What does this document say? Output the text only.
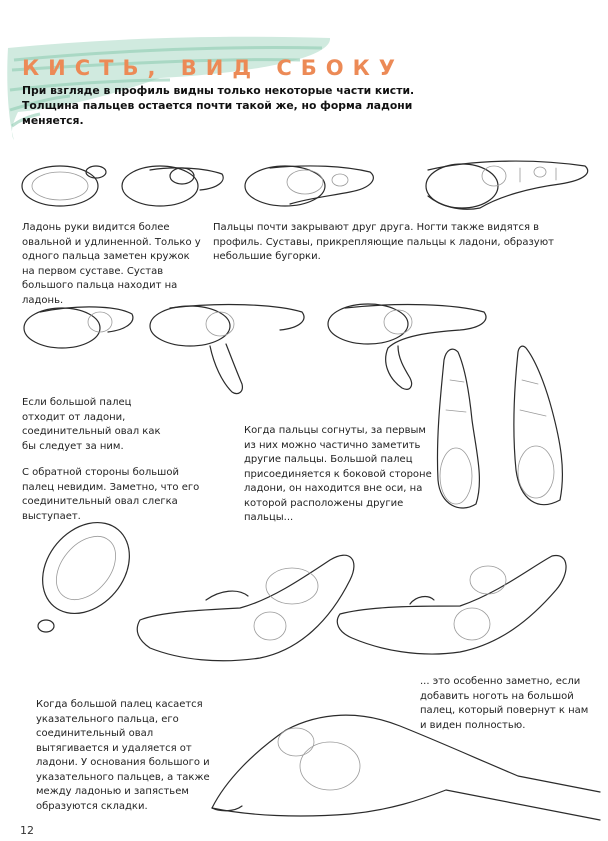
КИСТЬ, ВИД СБОКУ

При взгляде в профиль видны только некоторые части кисти. Толщина пальцев остается почти такой же, но форма ладони меняется.

Ладонь руки видится более овальной и удлиненной. Только у одного пальца заметен кружок на первом суставе. Сустав большого пальца находит на ладонь.

Пальцы почти закрывают друг друга. Ногти также видятся в профиль. Суставы, прикрепляющие пальцы к ладони, образуют небольшие бугорки.

Если большой палец отходит от ладони, соединительный овал как бы следует за ним.

Когда пальцы согнуты, за первым из них можно частично заметить другие пальцы. Большой палец присоединяется к боковой стороне ладони, он находится вне оси, на которой расположены другие пальцы...

С обратной стороны большой палец невидим. Заметно, что его соединительный овал слегка выступает.

Когда большой палец касается указательного пальца, его соединительный овал вытягивается и удаляется от ладони. У основания большого и указательного пальцев, а также между ладонью и запястьем образуются складки.

... это особенно заметно, если добавить ноготь на большой палец, который повернут к нам и виден полностью.

12
